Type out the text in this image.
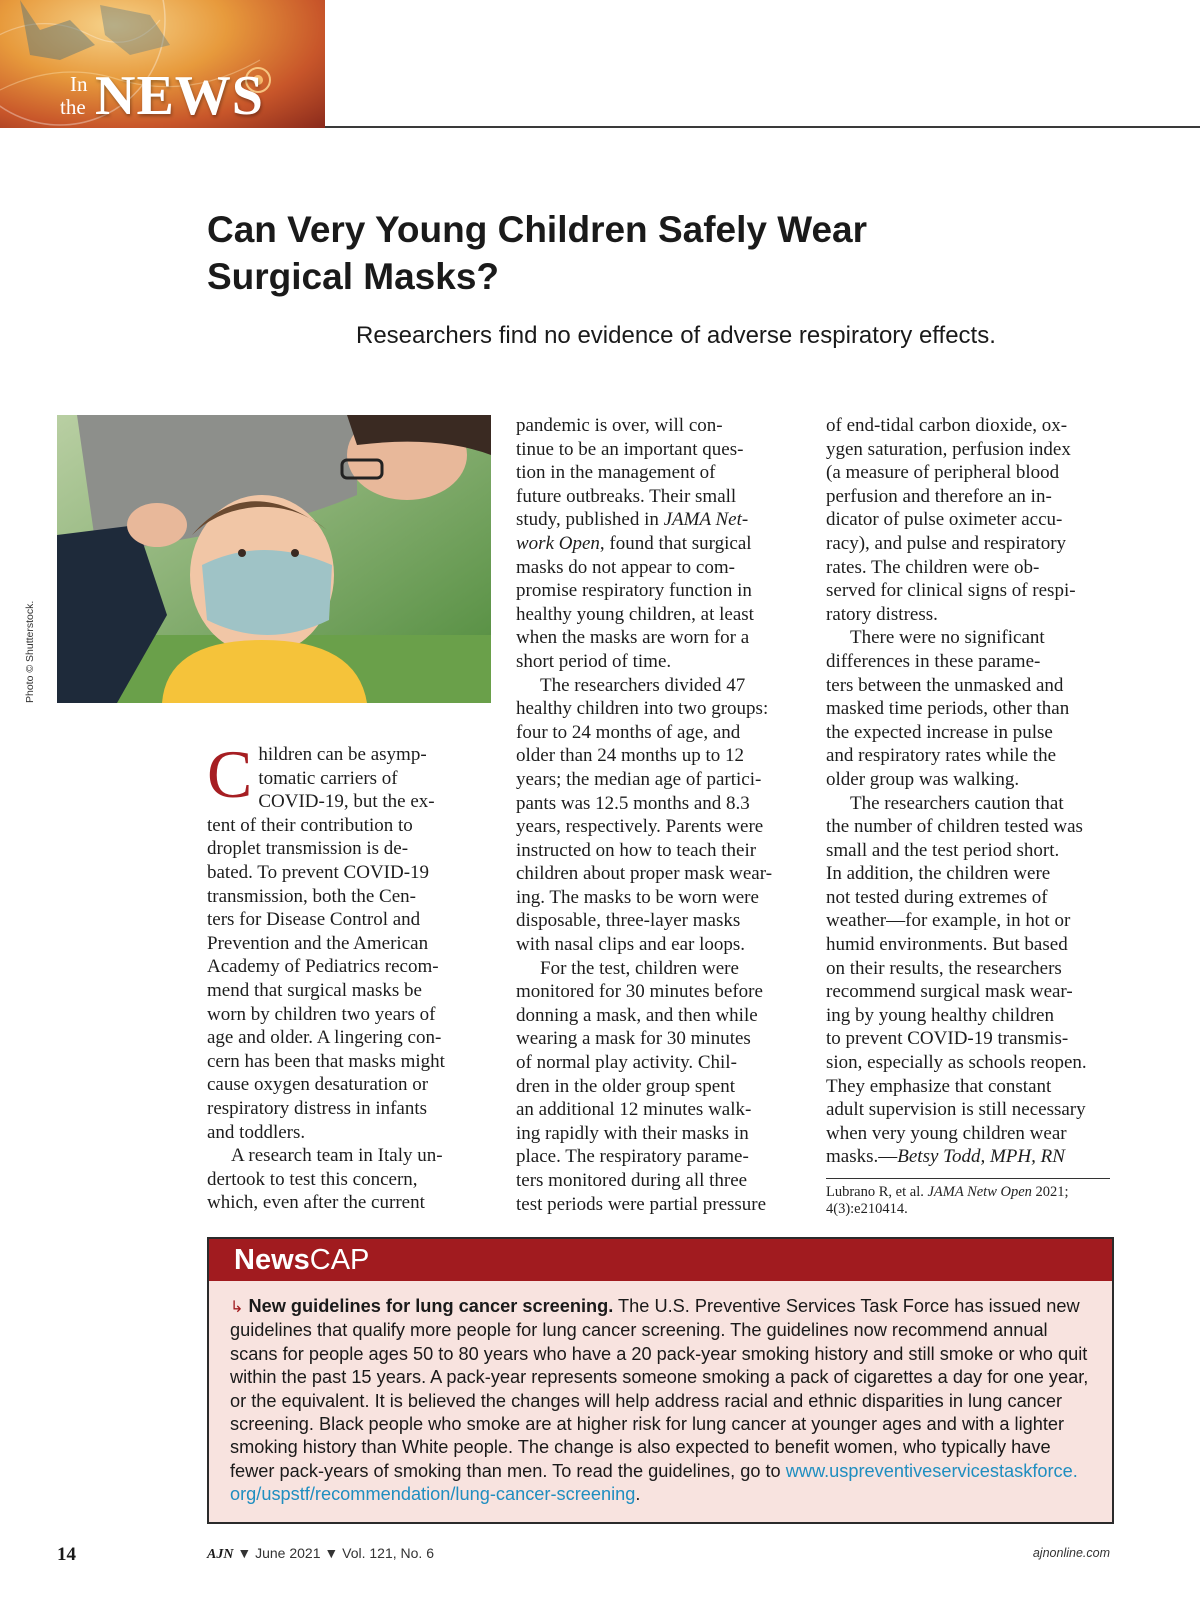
In
the NEWS
Can Very Young Children Safely Wear
Surgical Masks?

Researchers find no evidence of adverse respiratory effects.

Photo © Shutterstock.
C hildren can be asymp-

tomatic carriers of

COVID-19, but the ex-

tent of their contribution to

droplet transmission is de-

bated. To prevent COVID-19

transmission, both the Cen-

ters for Disease Control and

Prevention and the American

Academy of Pediatrics recom-

mend that surgical masks be

worn by children two years of

age and older. A lingering con-

cern has been that masks might

cause oxygen desaturation or

respiratory distress in infants

and toddlers.

A research team in Italy un-

dertook to test this concern,

which, even after the current

pandemic is over, will con-

tinue to be an important ques-

tion in the management of

future outbreaks. Their small

study, published in JAMA Net-

work Open, found that surgical

masks do not appear to com-

promise respiratory function in

healthy young children, at least

when the masks are worn for a

short period of time.

The researchers divided 47

healthy children into two groups:

four to 24 months of age, and

older than 24 months up to 12

years; the median age of partici-

pants was 12.5 months and 8.3

years, respectively. Parents were

instructed on how to teach their

children about proper mask wear-

ing. The masks to be worn were

disposable, three-layer masks

with nasal clips and ear loops.

For the test, children were

monitored for 30 minutes before

donning a mask, and then while

wearing a mask for 30 minutes

of normal play activity. Chil-

dren in the older group spent

an additional 12 minutes walk-

ing rapidly with their masks in

place. The respiratory parame-

ters monitored during all three

test periods were partial pressure

of end-tidal carbon dioxide, ox-

ygen saturation, perfusion index

(a measure of peripheral blood

perfusion and therefore an in-

dicator of pulse oximeter accu-

racy), and pulse and respiratory

rates. The children were ob-

served for clinical signs of respi-

ratory distress.

There were no significant

differences in these parame-

ters between the unmasked and

masked time periods, other than

the expected increase in pulse

and respiratory rates while the

older group was walking.

The researchers caution that

the number of children tested was

small and the test period short.

In addition, the children were

not tested during extremes of

weather—for example, in hot or

humid environments. But based

on their results, the researchers

recommend surgical mask wear-

ing by young healthy children

to prevent COVID-19 transmis-

sion, especially as schools reopen.

They emphasize that constant

adult supervision is still necessary

when very young children wear

masks.—Betsy Todd, MPH, RN

Lubrano R, et al. JAMA Netw Open 2021;

4(3):e210414.

NewsCAP

↳ New guidelines for lung cancer screening. The U.S. Preventive Services Task Force has issued new

guidelines that qualify more people for lung cancer screening. The guidelines now recommend annual

scans for people ages 50 to 80 years who have a 20 pack-year smoking history and still smoke or who quit

within the past 15 years. A pack-year represents someone smoking a pack of cigarettes a day for one year,

or the equivalent. It is believed the changes will help address racial and ethnic disparities in lung cancer

screening. Black people who smoke are at higher risk for lung cancer at younger ages and with a lighter

smoking history than White people. The change is also expected to benefit women, who typically have

fewer pack-years of smoking than men. To read the guidelines, go to www.uspreventiveservicestaskforce.

org/uspstf/recommendation/lung-cancer-screening.

14	AJN ▼ June 2021 ▼ Vol. 121, No. 6	ajnonline.com
